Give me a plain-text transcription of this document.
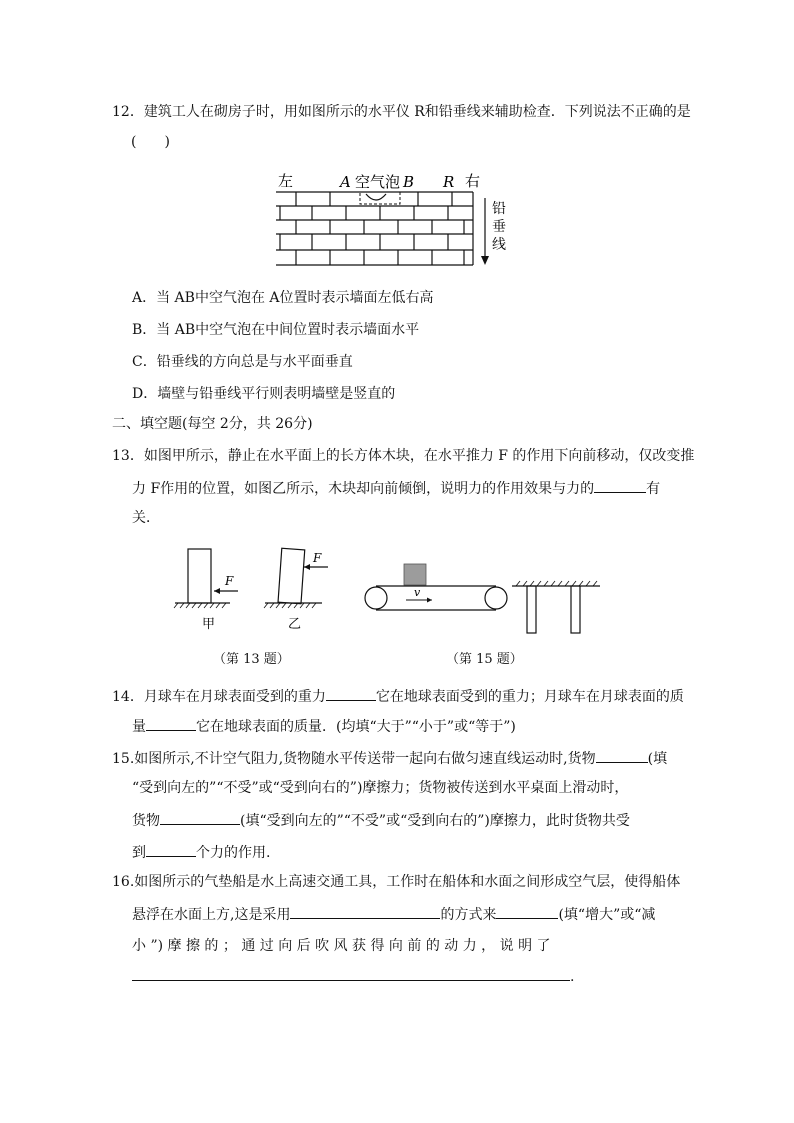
12．建筑工人在砌房子时，用如图所示的水平仪 R和铅垂线来辅助检查．下列说法不正确的是
(　　)
左	A 空气泡 B R 右
铅
垂
线
A．当 AB中空气泡在 A位置时表示墙面左低右高
B．当 AB中空气泡在中间位置时表示墙面水平
C．铅垂线的方向总是与水平面垂直
D．墙壁与铅垂线平行则表明墙壁是竖直的
二、填空题(每空 2分，共 26分)
13．如图甲所示，静止在水平面上的长方体木块，在水平推力 F 的作用下向前移动，仅改变推
力 F作用的位置，如图乙所示，木块却向前倾倒，说明力的作用效果与力的	有
关．
F
甲
F
乙
（第 13 题）
v
（第 15 题）
14．月球车在月球表面受到的重力	它在地球表面受到的重力；月球车在月球表面的质
量	它在地球表面的质量．(均填“大于”“小于”或“等于”)
15.如图所示,不计空气阻力,货物随水平传送带一起向右做匀速直线运动时,货物	(填
“受到向左的”“不受”或“受到向右的”)摩擦力；货物被传送到水平桌面上滑动时，
货物	(填“受到向左的”“不受”或“受到向右的”)摩擦力，此时货物共受
到	个力的作用.
16.如图所示的气垫船是水上高速交通工具，工作时在船体和水面之间形成空气层，使得船体
悬浮在水面上方,这是采用	的方式来	(填“增大”或“减
小 ”) 摩 擦 的 ； 通 过 向 后 吹 风 获 得 向 前 的 动 力 ， 说 明 了
.
